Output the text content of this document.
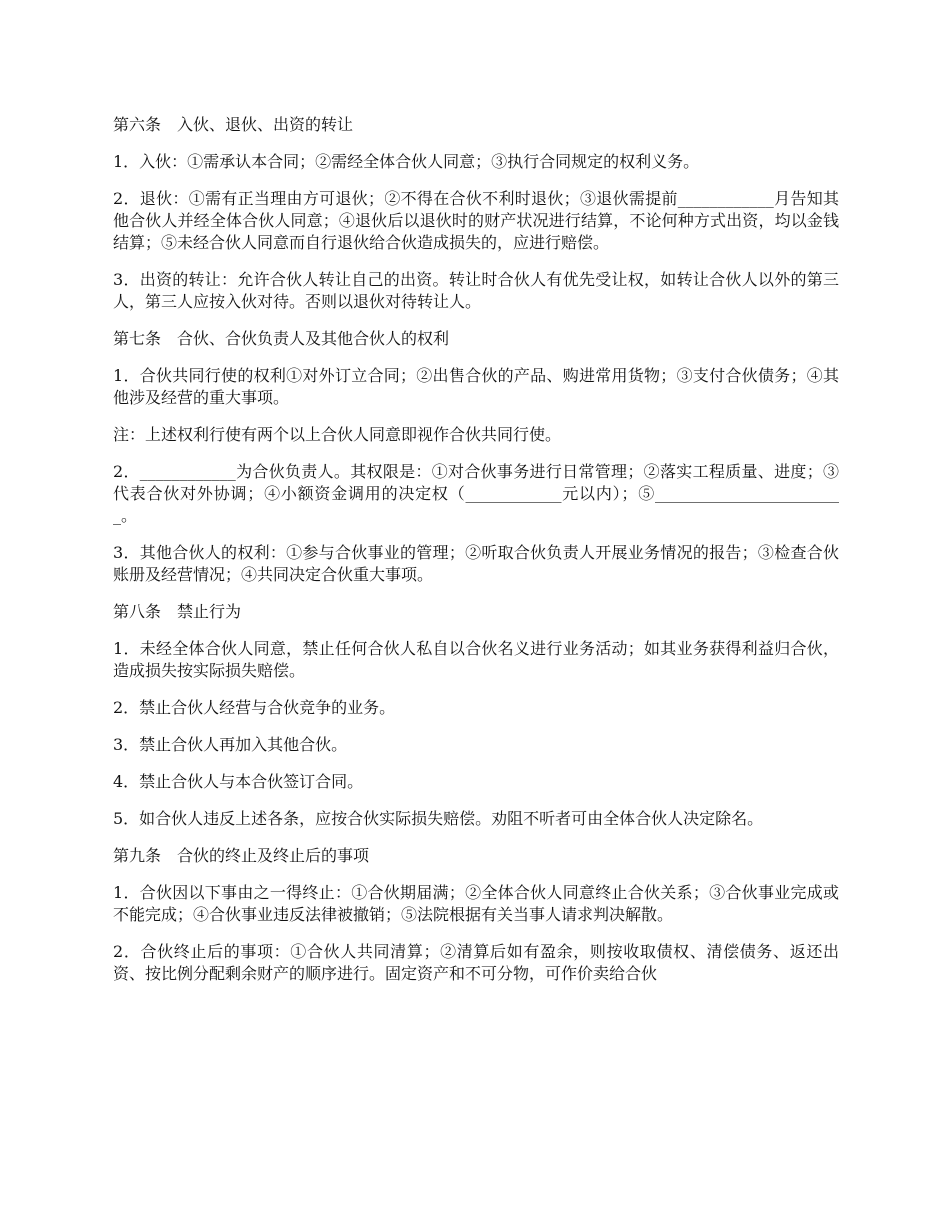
第六条 入伙、退伙、出资的转让

1．入伙：①需承认本合同；②需经全体合伙人同意；③执行合同规定的权利义务。

2．退伙：①需有正当理由方可退伙；②不得在合伙不利时退伙；③退伙需提前____________月告知其他合伙人并经全体合伙人同意；④退伙后以退伙时的财产状况进行结算，不论何种方式出资，均以金钱结算；⑤未经合伙人同意而自行退伙给合伙造成损失的，应进行赔偿。

3．出资的转让：允许合伙人转让自己的出资。转让时合伙人有优先受让权，如转让合伙人以外的第三人，第三人应按入伙对待。否则以退伙对待转让人。

第七条 合伙、合伙负责人及其他合伙人的权利

1．合伙共同行使的权利①对外订立合同；②出售合伙的产品、购进常用货物；③支付合伙债务；④其他涉及经营的重大事项。

注：上述权利行使有两个以上合伙人同意即视作合伙共同行使。

2．____________为合伙负责人。其权限是：①对合伙事务进行日常管理；②落实工程质量、进度；③代表合伙对外协调；④小额资金调用的决定权（____________元以内）；⑤________________________。

3．其他合伙人的权利：①参与合伙事业的管理；②听取合伙负责人开展业务情况的报告；③检查合伙账册及经营情况；④共同决定合伙重大事项。

第八条 禁止行为

1．未经全体合伙人同意，禁止任何合伙人私自以合伙名义进行业务活动；如其业务获得利益归合伙，造成损失按实际损失赔偿。

2．禁止合伙人经营与合伙竞争的业务。

3．禁止合伙人再加入其他合伙。

4．禁止合伙人与本合伙签订合同。

5．如合伙人违反上述各条，应按合伙实际损失赔偿。劝阻不听者可由全体合伙人决定除名。

第九条 合伙的终止及终止后的事项

1．合伙因以下事由之一得终止：①合伙期届满；②全体合伙人同意终止合伙关系；③合伙事业完成或不能完成；④合伙事业违反法律被撤销；⑤法院根据有关当事人请求判决解散。

2．合伙终止后的事项：①合伙人共同清算；②清算后如有盈余，则按收取债权、清偿债务、返还出资、按比例分配剩余财产的顺序进行。固定资产和不可分物，可作价卖给合伙
